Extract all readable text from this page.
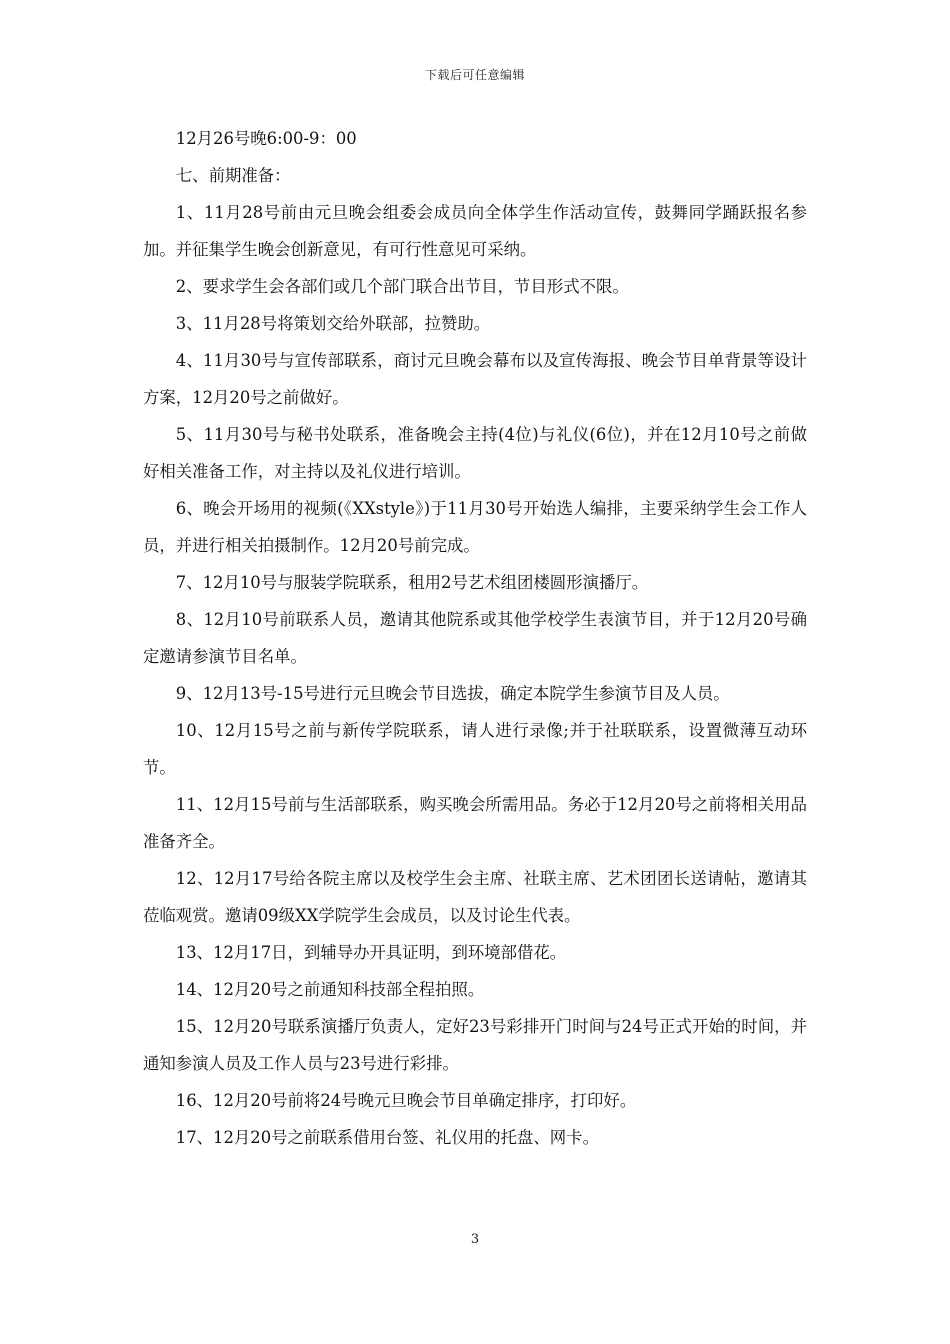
下载后可任意编辑

12月26号晚6:00-9：00

七、前期准备：

1、11月28号前由元旦晚会组委会成员向全体学生作活动宣传，鼓舞同学踊跃报名参加。并征集学生晚会创新意见，有可行性意见可采纳。

2、要求学生会各部们或几个部门联合出节目，节目形式不限。

3、11月28号将策划交给外联部，拉赞助。

4、11月30号与宣传部联系，商讨元旦晚会幕布以及宣传海报、晚会节目单背景等设计方案，12月20号之前做好。

5、11月30号与秘书处联系，准备晚会主持(4位)与礼仪(6位)，并在12月10号之前做好相关准备工作，对主持以及礼仪进行培训。

6、晚会开场用的视频(《XXstyle》)于11月30号开始选人编排，主要采纳学生会工作人员，并进行相关拍摄制作。12月20号前完成。

7、12月10号与服装学院联系，租用2号艺术组团楼圆形演播厅。

8、12月10号前联系人员，邀请其他院系或其他学校学生表演节目，并于12月20号确定邀请参演节目名单。

9、12月13号-15号进行元旦晚会节目选拔，确定本院学生参演节目及人员。

10、12月15号之前与新传学院联系，请人进行录像;并于社联联系，设置微薄互动环节。

11、12月15号前与生活部联系，购买晚会所需用品。务必于12月20号之前将相关用品准备齐全。

12、12月17号给各院主席以及校学生会主席、社联主席、艺术团团长送请帖，邀请其莅临观赏。邀请09级XX学院学生会成员，以及讨论生代表。

13、12月17日，到辅导办开具证明，到环境部借花。

14、12月20号之前通知科技部全程拍照。

15、12月20号联系演播厅负责人，定好23号彩排开门时间与24号正式开始的时间，并通知参演人员及工作人员与23号进行彩排。

16、12月20号前将24号晚元旦晚会节目单确定排序，打印好。

17、12月20号之前联系借用台签、礼仪用的托盘、网卡。

3
